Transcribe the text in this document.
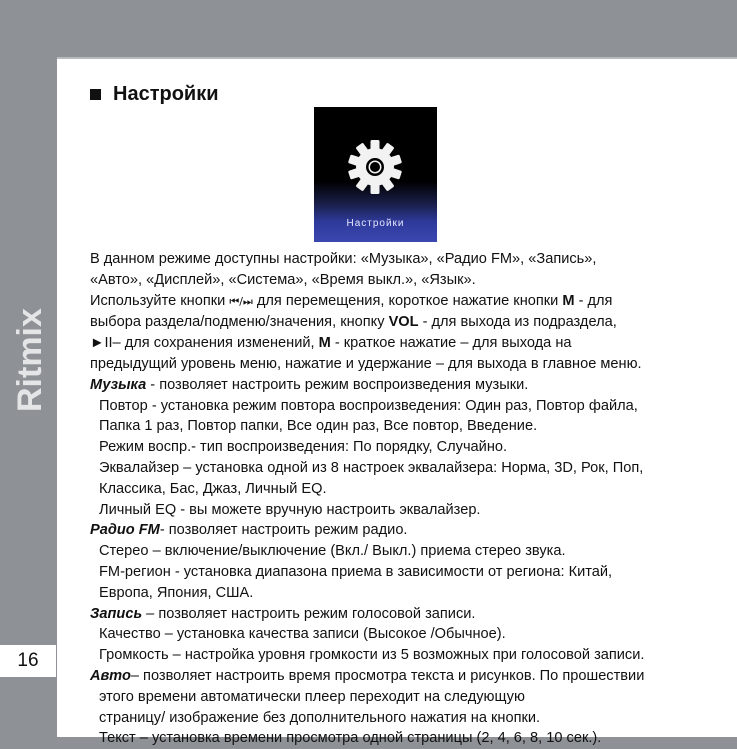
Ritmix
16
Настройки
Настройки

В данном режиме доступны настройки: «Музыка», «Радио FM», «Запись»,

«Авто», «Дисплей», «Система», «Время выкл.», «Язык».

Используйте кнопки ⏮/⏭ для перемещения, короткое нажатие кнопки M - для

выбора раздела/подменю/значения, кнопку VOL - для выхода из подраздела,

►II– для сохранения изменений, M - краткое нажатие – для выхода на

предыдущий уровень меню, нажатие и удержание – для выхода в главное меню.

Музыка - позволяет настроить режим воспроизведения музыки.

Повтор - установка режим повтора воспроизведения: Один раз, Повтор файла,

Папка 1 раз, Повтор папки, Все один раз, Все повтор, Введение.

Режим воспр.- тип воспроизведения: По порядку, Случайно.

Эквалайзер – установка одной из 8 настроек эквалайзера: Норма, 3D, Рок, Поп,

Классика, Бас, Джаз, Личный EQ.

Личный EQ - вы можете вручную настроить эквалайзер.

Радио FM- позволяет настроить режим радио.

Стерео – включение/выключение (Вкл./ Выкл.) приема стерео звука.

FM-регион - установка диапазона приема в зависимости от региона: Китай,

Европа, Япония, США.

Запись – позволяет настроить режим голосовой записи.

Качество – установка качества записи (Высокое /Обычное).

Громкость – настройка уровня громкости из 5 возможных при голосовой записи.

Авто– позволяет настроить время просмотра текста и рисунков. По прошествии

этого времени автоматически плеер переходит на следующую

страницу/ изображение без дополнительного нажатия на кнопки.

Текст – установка времени просмотра одной страницы (2, 4, 6, 8, 10 сек.).
